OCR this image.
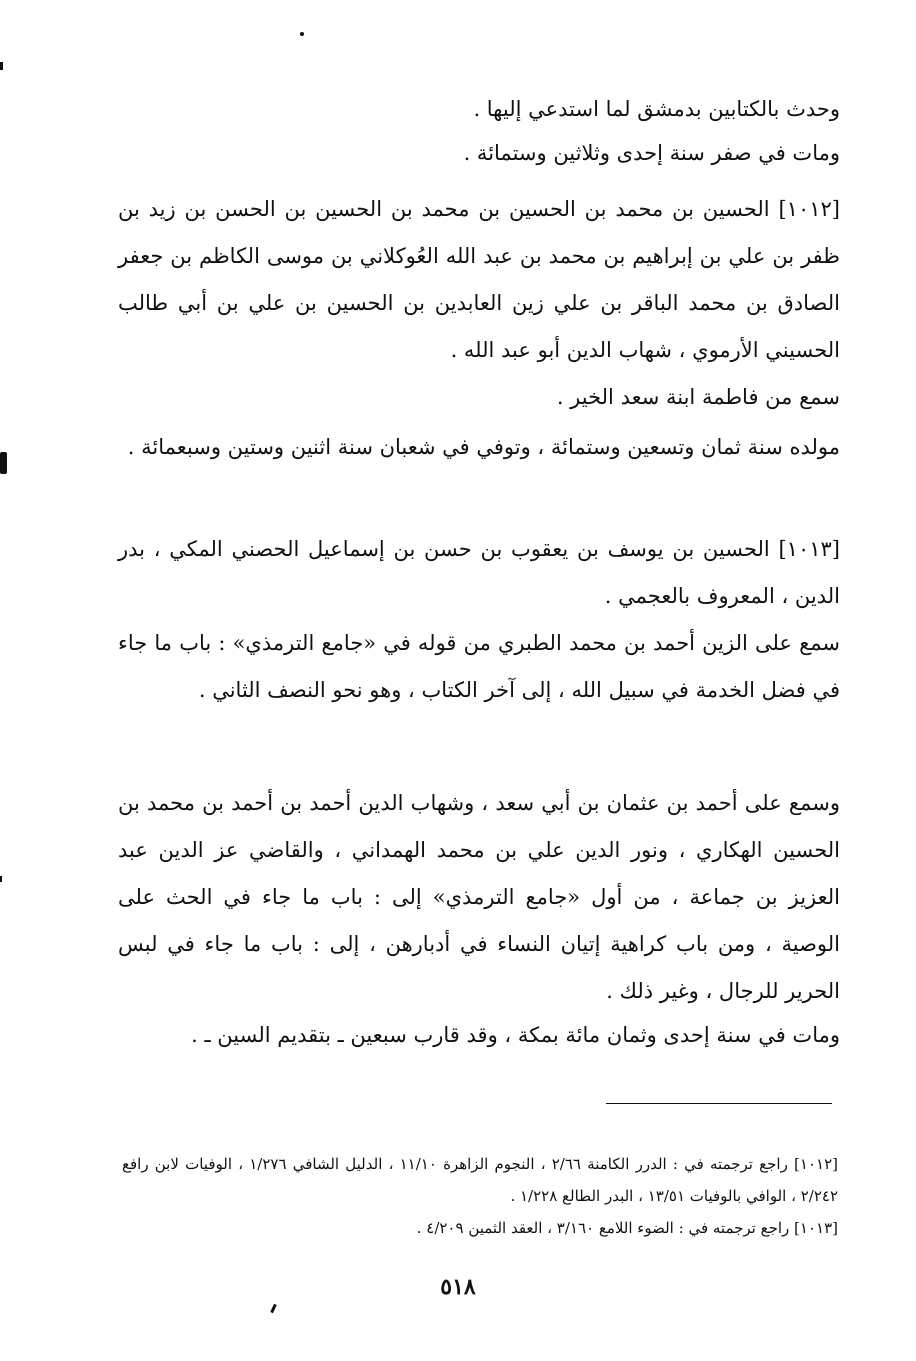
وحدث بالكتابين بدمشق لما استدعي إليها .

ومات في صفر سنة إحدى وثلاثين وستمائة .

[١٠١٢] الحسين بن محمد بن الحسين بن محمد بن الحسين بن الحسن بن زيد بن ظفر بن علي بن إبراهيم بن محمد بن عبد الله العُوكلاني بن موسى الكاظم بن جعفر الصادق بن محمد الباقر بن علي زين العابدين بن الحسين بن علي بن أبي طالب الحسيني الأرموي ، شهاب الدين أبو عبد الله .

سمع من فاطمة ابنة سعد الخير .

مولده سنة ثمان وتسعين وستمائة ، وتوفي في شعبان سنة اثنين وستين وسبعمائة .

[١٠١٣] الحسين بن يوسف بن يعقوب بن حسن بن إسماعيل الحصني المكي ، بدر الدين ، المعروف بالعجمي .

سمع على الزين أحمد بن محمد الطبري من قوله في «جامع الترمذي» : باب ما جاء في فضل الخدمة في سبيل الله ، إلى آخر الكتاب ، وهو نحو النصف الثاني .

وسمع على أحمد بن عثمان بن أبي سعد ، وشهاب الدين أحمد بن أحمد بن محمد بن الحسين الهكاري ، ونور الدين علي بن محمد الهمداني ، والقاضي عز الدين عبد العزيز بن جماعة ، من أول «جامع الترمذي» إلى : باب ما جاء في الحث على الوصية ، ومن باب كراهية إتيان النساء في أدبارهن ، إلى : باب ما جاء في لبس الحرير للرجال ، وغير ذلك .

ومات في سنة إحدى وثمان مائة بمكة ، وقد قارب سبعين ـ بتقديم السين ـ .

[١٠١٢] راجع ترجمته في : الدرر الكامنة ٢/٦٦ ، النجوم الزاهرة ١١/١٠ ، الدليل الشافي ١/٢٧٦ ، الوفيات لابن رافع ٢/٢٤٢ ، الوافي بالوفيات ١٣/٥١ ، البدر الطالع ١/٢٢٨ .

[١٠١٣] راجع ترجمته في : الضوء اللامع ٣/١٦٠ ، العقد الثمين ٤/٢٠٩ .

٥١٨
